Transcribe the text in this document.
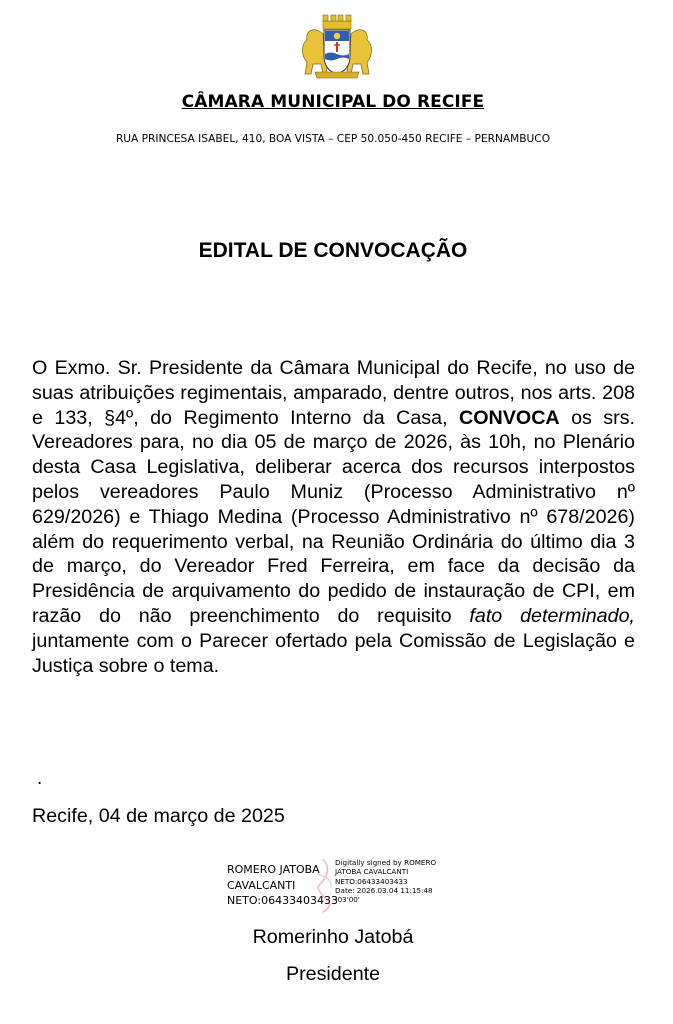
CÂMARA MUNICIPAL DO RECIFE
RUA PRINCESA ISABEL, 410, BOA VISTA – CEP 50.050-450 RECIFE – PERNAMBUCO
EDITAL DE CONVOCAÇÃO
O Exmo. Sr. Presidente da Câmara Municipal do Recife, no uso de suas atribuições regimentais, amparado, dentre outros, nos arts. 208 e 133, §4º, do Regimento Interno da Casa, CONVOCA os srs. Vereadores para, no dia 05 de março de 2026, às 10h, no Plenário desta Casa Legislativa, deliberar acerca dos recursos interpostos pelos vereadores Paulo Muniz (Processo Administrativo nº 629/2026) e Thiago Medina (Processo Administrativo nº 678/2026) além do requerimento verbal, na Reunião Ordinária do último dia 3 de março, do Vereador Fred Ferreira, em face da decisão da Presidência de arquivamento do pedido de instauração de CPI, em razão do não preenchimento do requisito fato determinado, juntamente com o Parecer ofertado pela Comissão de Legislação e Justiça sobre o tema.
.
Recife, 04 de março de 2025
ROMERO JATOBA
CAVALCANTI
NETO:06433403433
Digitally signed by ROMERO
JATOBA CAVALCANTI
NETO:06433403433
Date: 2026.03.04 11:15:48
-03'00'
Romerinho Jatobá
Presidente
